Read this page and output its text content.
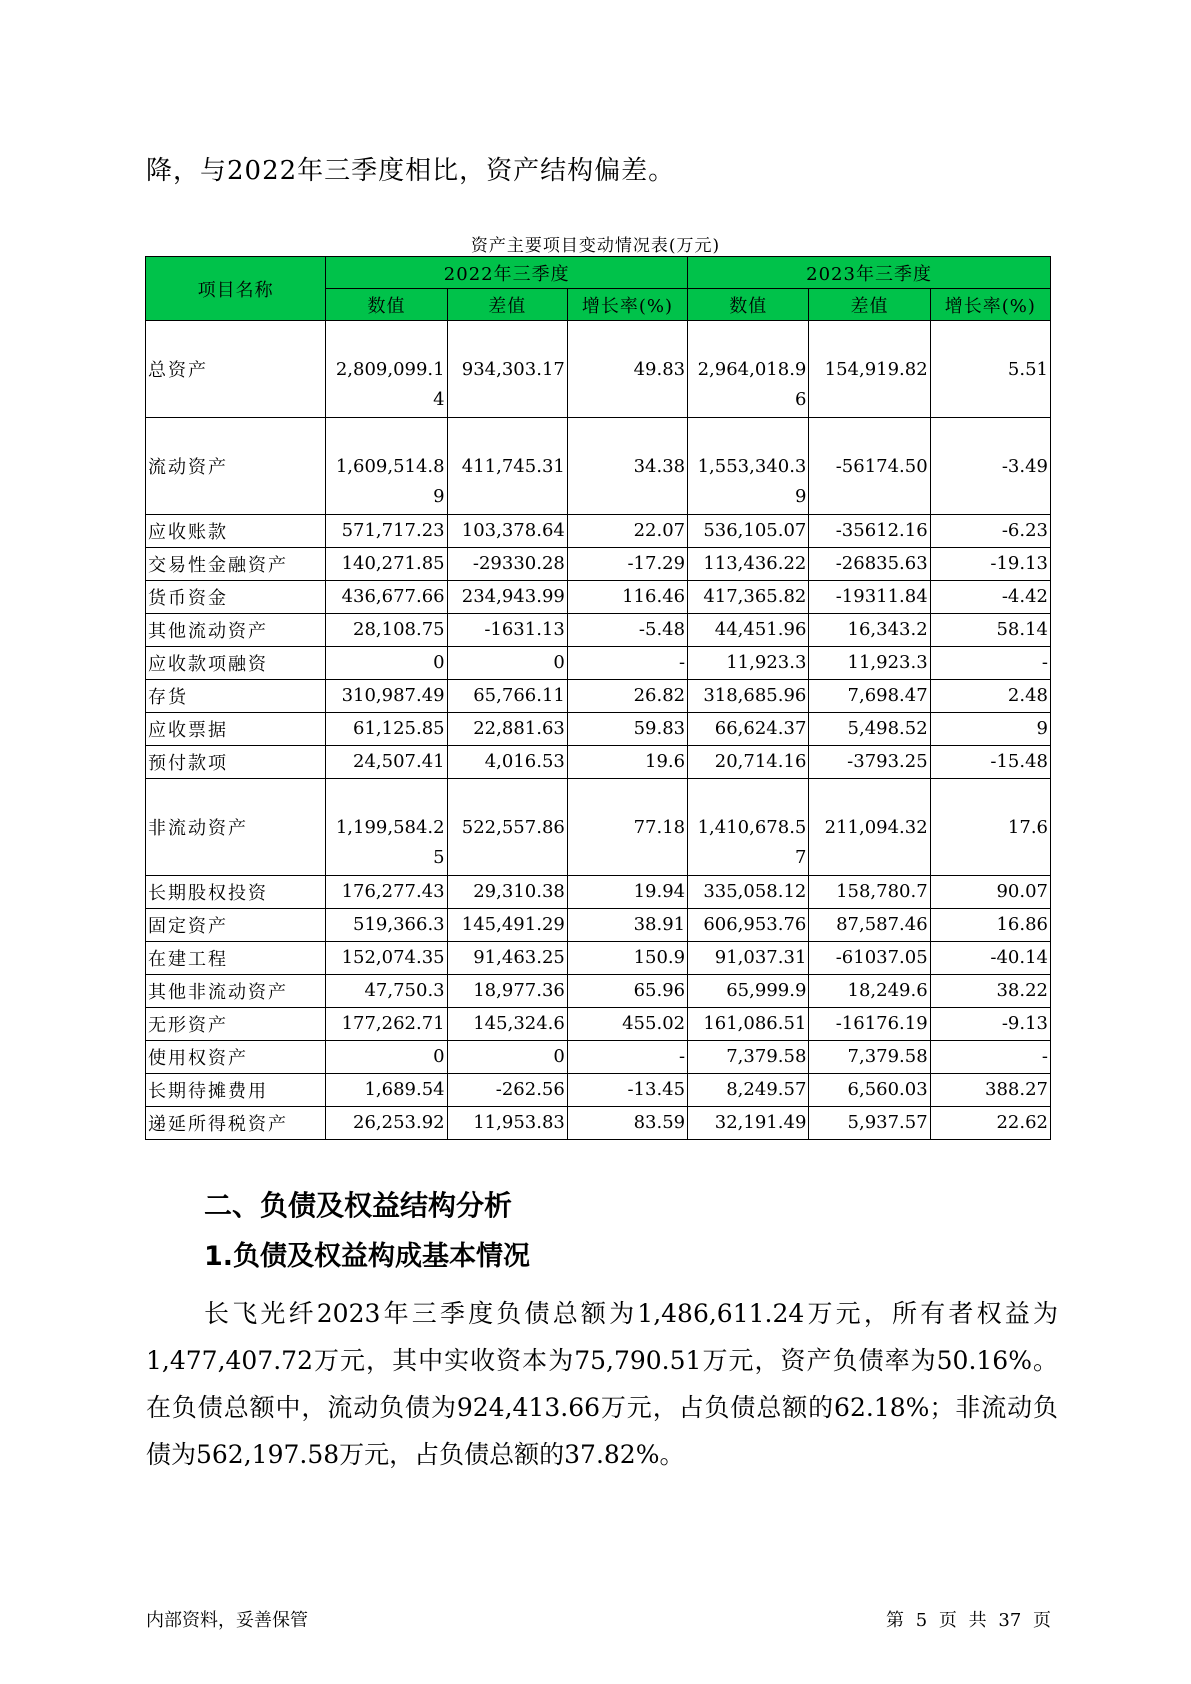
降，与2022年三季度相比，资产结构偏差。
资产主要项目变动情况表(万元)
项目名称	2022年三季度			2023年三季度		
	数值	差值	增长率(%)	数值	差值	增长率(%)
总资产	2,809,099.14	934,303.17	49.83	2,964,018.96	154,919.82	5.51
流动资产	1,609,514.89	411,745.31	34.38	1,553,340.39	-56174.50	-3.49
应收账款	571,717.23	103,378.64	22.07	536,105.07	-35612.16	-6.23
交易性金融资产	140,271.85	-29330.28	-17.29	113,436.22	-26835.63	-19.13
货币资金	436,677.66	234,943.99	116.46	417,365.82	-19311.84	-4.42
其他流动资产	28,108.75	-1631.13	-5.48	44,451.96	16,343.2	58.14
应收款项融资	0	0	-	11,923.3	11,923.3	-
存货	310,987.49	65,766.11	26.82	318,685.96	7,698.47	2.48
应收票据	61,125.85	22,881.63	59.83	66,624.37	5,498.52	9
预付款项	24,507.41	4,016.53	19.6	20,714.16	-3793.25	-15.48
非流动资产	1,199,584.25	522,557.86	77.18	1,410,678.57	211,094.32	17.6
长期股权投资	176,277.43	29,310.38	19.94	335,058.12	158,780.7	90.07
固定资产	519,366.3	145,491.29	38.91	606,953.76	87,587.46	16.86
在建工程	152,074.35	91,463.25	150.9	91,037.31	-61037.05	-40.14
其他非流动资产	47,750.3	18,977.36	65.96	65,999.9	18,249.6	38.22
无形资产	177,262.71	145,324.6	455.02	161,086.51	-16176.19	-9.13
使用权资产	0	0	-	7,379.58	7,379.58	-
长期待摊费用	1,689.54	-262.56	-13.45	8,249.57	6,560.03	388.27
递延所得税资产	26,253.92	11,953.83	83.59	32,191.49	5,937.57	22.62
二、负债及权益结构分析
1.负债及权益构成基本情况
长飞光纤2023年三季度负债总额为1,486,611.24万元，所有者权益为1,477,407.72万元，其中实收资本为75,790.51万元，资产负债率为50.16%。在负债总额中，流动负债为924,413.66万元，占负债总额的62.18%；非流动负债为562,197.58万元，占负债总额的37.82%。
内部资料，妥善保管	第 5 页 共 37 页
